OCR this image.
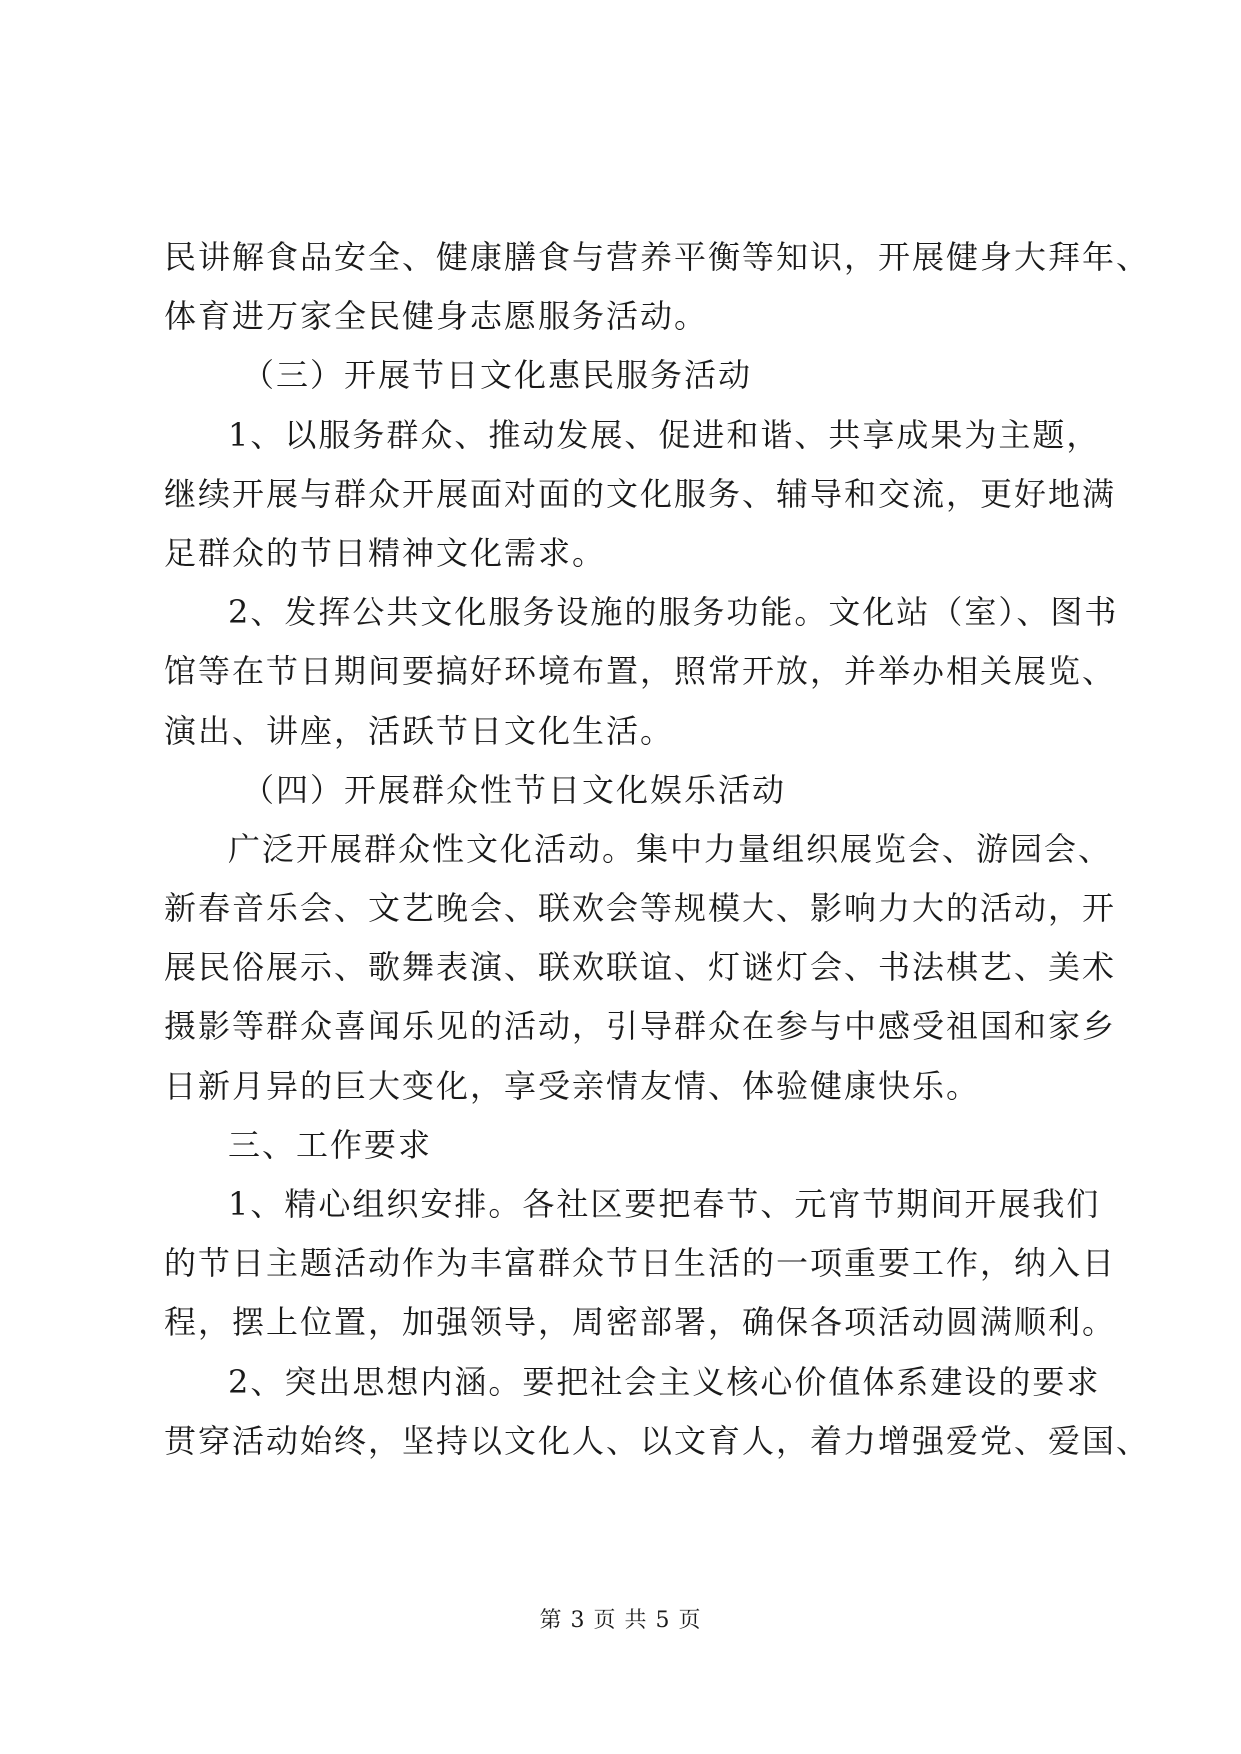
民讲解食品安全、健康膳食与营养平衡等知识，开展健身大拜年、
体育进万家全民健身志愿服务活动。
（三）开展节日文化惠民服务活动
1、以服务群众、推动发展、促进和谐、共享成果为主题，
继续开展与群众开展面对面的文化服务、辅导和交流，更好地满
足群众的节日精神文化需求。
2、发挥公共文化服务设施的服务功能。文化站（室）、图书
馆等在节日期间要搞好环境布置，照常开放，并举办相关展览、
演出、讲座，活跃节日文化生活。
（四）开展群众性节日文化娱乐活动
广泛开展群众性文化活动。集中力量组织展览会、游园会、
新春音乐会、文艺晚会、联欢会等规模大、影响力大的活动，开
展民俗展示、歌舞表演、联欢联谊、灯谜灯会、书法棋艺、美术
摄影等群众喜闻乐见的活动，引导群众在参与中感受祖国和家乡
日新月异的巨大变化，享受亲情友情、体验健康快乐。
三、工作要求
1、精心组织安排。各社区要把春节、元宵节期间开展我们
的节日主题活动作为丰富群众节日生活的一项重要工作，纳入日
程，摆上位置，加强领导，周密部署，确保各项活动圆满顺利。
2、突出思想内涵。要把社会主义核心价值体系建设的要求
贯穿活动始终，坚持以文化人、以文育人，着力增强爱党、爱国、
第 3 页 共 5 页
